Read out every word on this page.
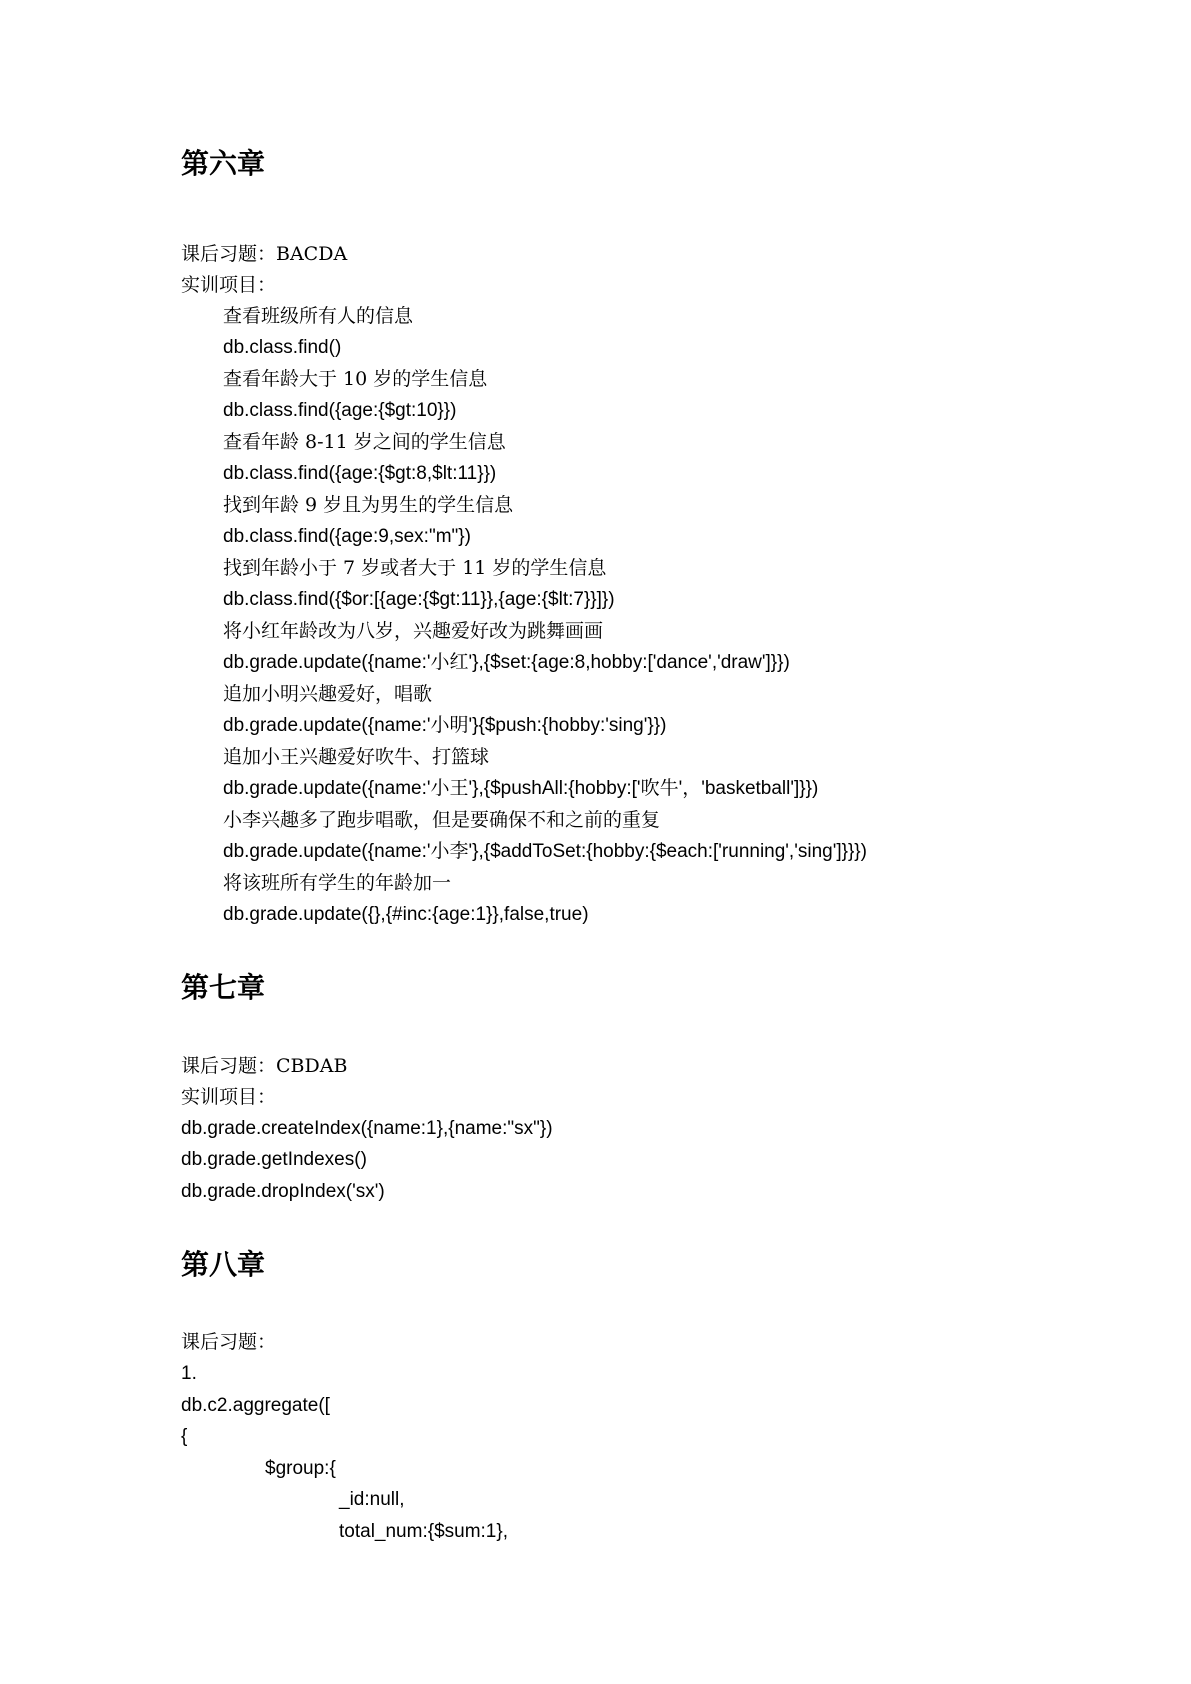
第六章
课后习题：BACDA
实训项目：
查看班级所有人的信息
db.class.find()
查看年龄大于 10 岁的学生信息
db.class.find({age:{$gt:10}})
查看年龄 8-11 岁之间的学生信息
db.class.find({age:{$gt:8,$lt:11}})
找到年龄 9 岁且为男生的学生信息
db.class.find({age:9,sex:"m"})
找到年龄小于 7 岁或者大于 11 岁的学生信息
db.class.find({$or:[{age:{$gt:11}},{age:{$lt:7}}]})
将小红年龄改为八岁，兴趣爱好改为跳舞画画
db.grade.update({name:'小红'},{$set:{age:8,hobby:['dance','draw']}})
追加小明兴趣爱好，唱歌
db.grade.update({name:'小明'}{$push:{hobby:'sing'}})
追加小王兴趣爱好吹牛、打篮球
db.grade.update({name:'小王'},{$pushAll:{hobby:['吹牛'，'basketball']}})
小李兴趣多了跑步唱歌，但是要确保不和之前的重复
db.grade.update({name:'小李'},{$addToSet:{hobby:{$each:['running','sing']}}})
将该班所有学生的年龄加一
db.grade.update({},{#inc:{age:1}},false,true)
第七章
课后习题：CBDAB
实训项目：
db.grade.createIndex({name:1},{name:"sx"})
db.grade.getIndexes()
db.grade.dropIndex('sx')
第八章
课后习题：
1.
db.c2.aggregate([
{
$group:{
_id:null,
total_num:{$sum:1},
